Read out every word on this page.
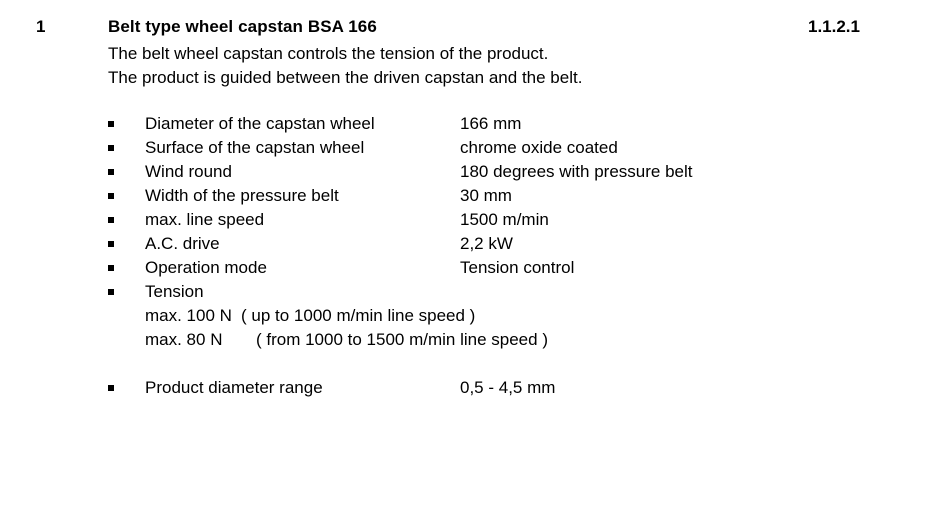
1	Belt type wheel capstan BSA 166	1.1.2.1

The belt wheel capstan controls the tension of the product.

The product is guided between the driven capstan and the belt.

Diameter of the capstan wheel	166 mm
Surface of the capstan wheel	chrome oxide coated
Wind round	180 degrees with pressure belt
Width of the pressure belt	30 mm
max. line speed	1500 m/min
A.C. drive	2,2 kW
Operation mode	Tension control
Tension
max. 100 N ( up to 1000 m/min line speed )
max. 80 N ( from 1000 to 1500 m/min line speed )
Product diameter range	0,5 - 4,5 mm
